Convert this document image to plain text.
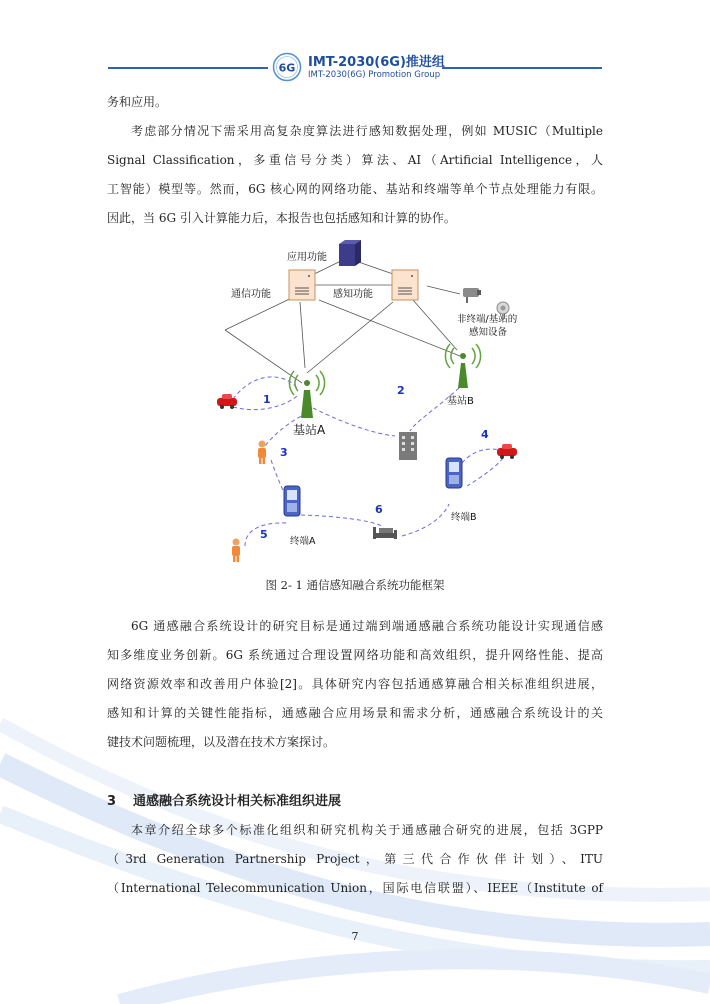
6G IMT-2030(6G)推进组
IMT-2030(6G) Promotion Group
务和应用。
考虑部分情况下需采用高复杂度算法进行感知数据处理，例如 MUSIC（Multiple
Signal Classification，多重信号分类）算法、AI（Artificial Intelligence，人
工智能）模型等。然而，6G 核心网的网络功能、基站和终端等单个节点处理能力有限。
因此，当 6G 引入计算能力后，本报告也包括感知和计算的协作。
应用功能
通信功能	感知功能
非终端/基站的
感知设备
基站B
基站A
终端A
终端B
1
2
3
4
5
6
图 2- 1 通信感知融合系统功能框架
6G 通感融合系统设计的研究目标是通过端到端通感融合系统功能设计实现通信感
知多维度业务创新。6G 系统通过合理设置网络功能和高效组织，提升网络性能、提高
网络资源效率和改善用户体验[2]。具体研究内容包括通感算融合相关标准组织进展，
感知和计算的关键性能指标，通感融合应用场景和需求分析，通感融合系统设计的关
键技术问题梳理，以及潜在技术方案探讨。
3 通感融合系统设计相关标准组织进展
本章介绍全球多个标准化组织和研究机构关于通感融合研究的进展，包括 3GPP
（3rd Generation Partnership Project，第三代合作伙伴计划）、ITU
（International Telecommunication Union，国际电信联盟）、IEEE（Institute of
7
